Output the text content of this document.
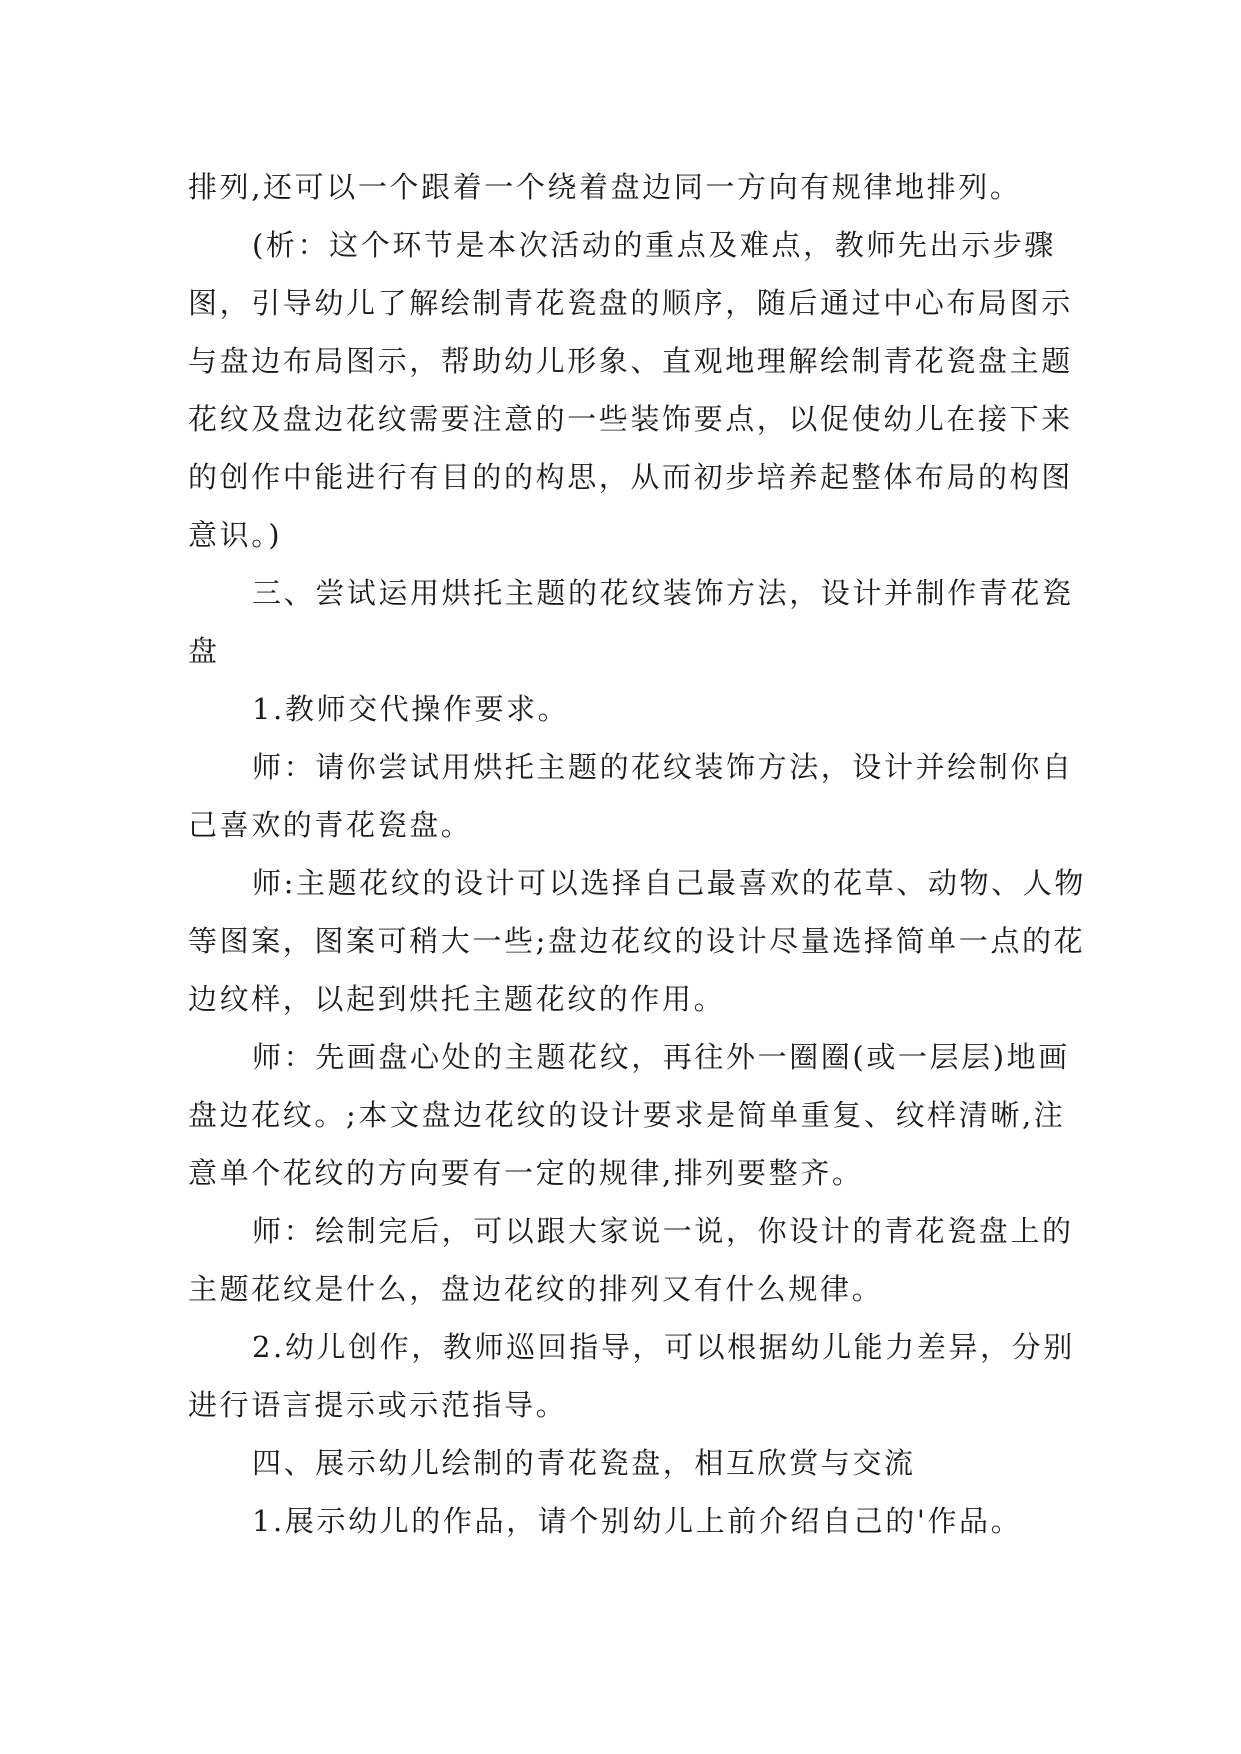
排列,还可以一个跟着一个绕着盘边同一方向有规律地排列。

(析：这个环节是本次活动的重点及难点，教师先出示步骤图，引导幼儿了解绘制青花瓷盘的顺序，随后通过中心布局图示与盘边布局图示，帮助幼儿形象、直观地理解绘制青花瓷盘主题花纹及盘边花纹需要注意的一些装饰要点，以促使幼儿在接下来的创作中能进行有目的的构思，从而初步培养起整体布局的构图意识。)

三、尝试运用烘托主题的花纹装饰方法，设计并制作青花瓷盘

1.教师交代操作要求。

师：请你尝试用烘托主题的花纹装饰方法，设计并绘制你自己喜欢的青花瓷盘。

师:主题花纹的设计可以选择自己最喜欢的花草、动物、人物等图案，图案可稍大一些;盘边花纹的设计尽量选择简单一点的花边纹样，以起到烘托主题花纹的作用。

师：先画盘心处的主题花纹，再往外一圈圈(或一层层)地画盘边花纹。;本文盘边花纹的设计要求是简单重复、纹样清晰,注意单个花纹的方向要有一定的规律,排列要整齐。

师：绘制完后，可以跟大家说一说，你设计的青花瓷盘上的主题花纹是什么，盘边花纹的排列又有什么规律。

2.幼儿创作，教师巡回指导，可以根据幼儿能力差异，分别进行语言提示或示范指导。

四、展示幼儿绘制的青花瓷盘，相互欣赏与交流

1.展示幼儿的作品，请个别幼儿上前介绍自己的'作品。
